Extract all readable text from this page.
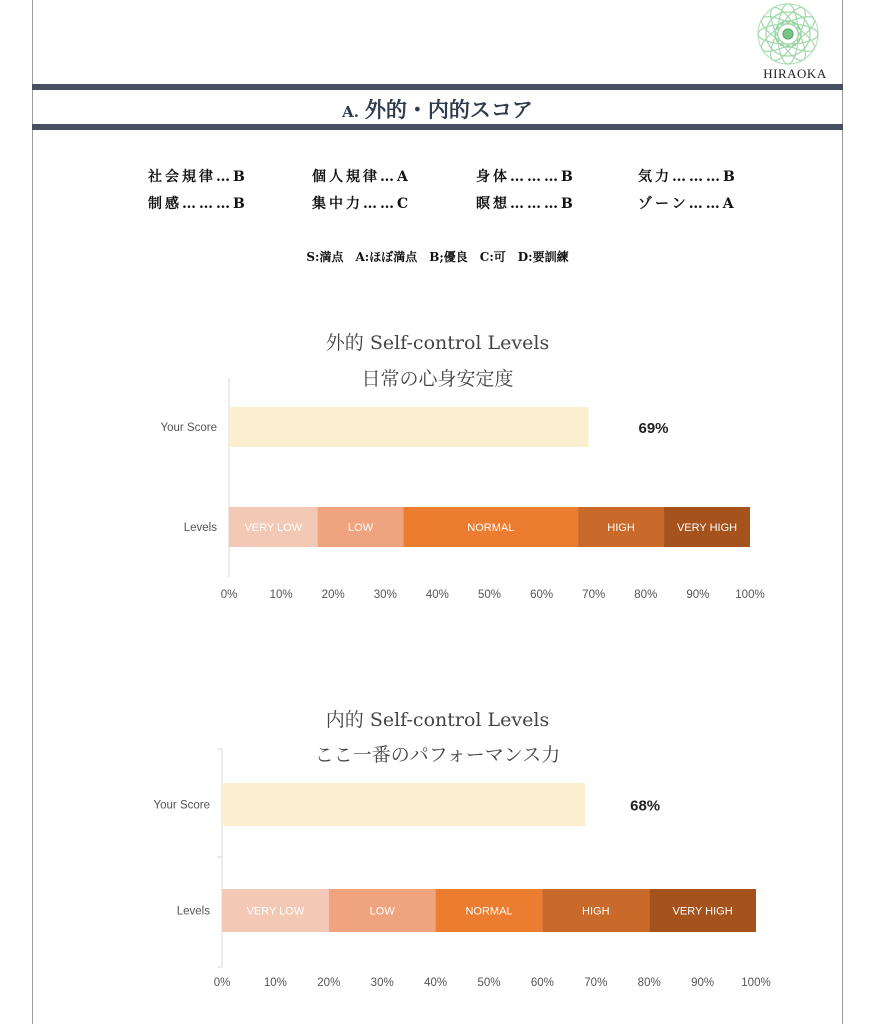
HIRAOKA
A. 外的・内的スコア
社会規律…B	個人規律…A	身体………B	気力………B
制感………B	集中力……C	瞑想………B	ゾーン……A
S:満点　A:ほぼ満点　B;優良　C:可　D:要訓練
外的 Self-control Levels
日常の心身安定度
69%
Your Score
VERY LOW	LOW	NORMAL	HIGH	VERY HIGH
Levels
0%	10%	20%	30%	40%	50%	60%	70%	80%	90% 100%
内的 Self-control Levels
ここ一番のパフォーマンス力
68%
Your Score
VERY LOW	LOW	NORMAL	HIGH	VERY HIGH
Levels
0%	10%	20%	30%	40%	50%	60%	70%	80%	90% 100%
